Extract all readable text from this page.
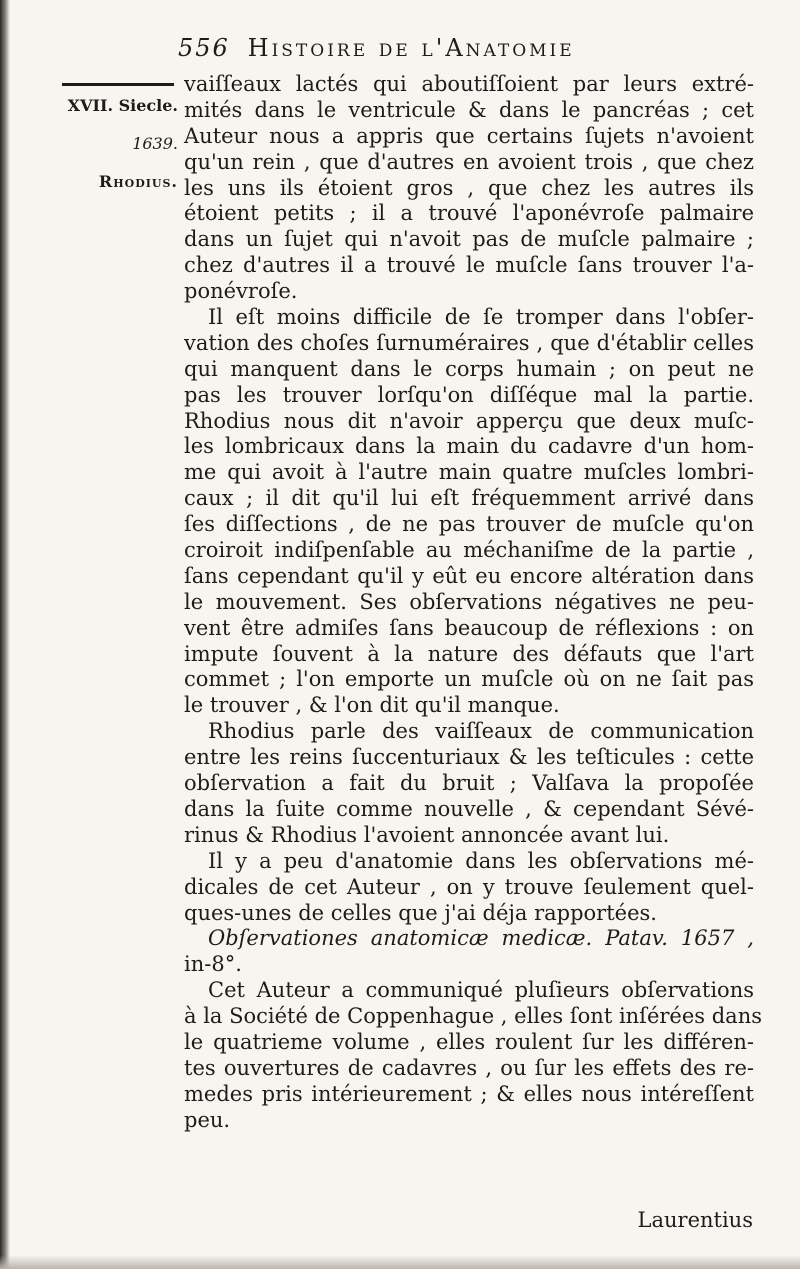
556 Histoire de l'Anatomie
XVII. Siecle.
1639.
Rhodius.
vaiſſeaux lactés qui aboutiſſoient par leurs extré-
mités dans le ventricule & dans le pancréas ; cet
Auteur nous a appris que certains ſujets n'avoient
qu'un rein , que d'autres en avoient trois , que chez
les uns ils étoient gros , que chez les autres ils
étoient petits ; il a trouvé l'aponévroſe palmaire
dans un ſujet qui n'avoit pas de muſcle palmaire ;
chez d'autres il a trouvé le muſcle ſans trouver l'a-
ponévroſe.
Il eſt moins difficile de ſe tromper dans l'obſer-
vation des choſes ſurnuméraires , que d'établir celles
qui manquent dans le corps humain ; on peut ne
pas les trouver lorſqu'on diſſéque mal la partie.
Rhodius nous dit n'avoir apperçu que deux muſc-
les lombricaux dans la main du cadavre d'un hom-
me qui avoit à l'autre main quatre muſcles lombri-
caux ; il dit qu'il lui eſt fréquemment arrivé dans
ſes diſſections , de ne pas trouver de muſcle qu'on
croiroit indiſpenſable au méchaniſme de la partie ,
ſans cependant qu'il y eût eu encore altération dans
le mouvement. Ses obſervations négatives ne peu-
vent être admiſes ſans beaucoup de réflexions : on
impute ſouvent à la nature des défauts que l'art
commet ; l'on emporte un muſcle où on ne ſait pas
le trouver , & l'on dit qu'il manque.
Rhodius parle des vaiſſeaux de communication
entre les reins ſuccenturiaux & les teſticules : cette
obſervation a fait du bruit ; Valſava la propoſée
dans la ſuite comme nouvelle , & cependant Sévé-
rinus & Rhodius l'avoient annoncée avant lui.
Il y a peu d'anatomie dans les obſervations mé-
dicales de cet Auteur , on y trouve ſeulement quel-
ques-unes de celles que j'ai déja rapportées.
Obſervationes anatomicæ medicæ. Patav. 1657 ,
in-8°.
Cet Auteur a communiqué pluſieurs obſervations
à la Société de Coppenhague , elles ſont inſérées dans
le quatrieme volume , elles roulent ſur les différen-
tes ouvertures de cadavres , ou ſur les effets des re-
medes pris intérieurement ; & elles nous intéreſſent
peu.
Laurentius
